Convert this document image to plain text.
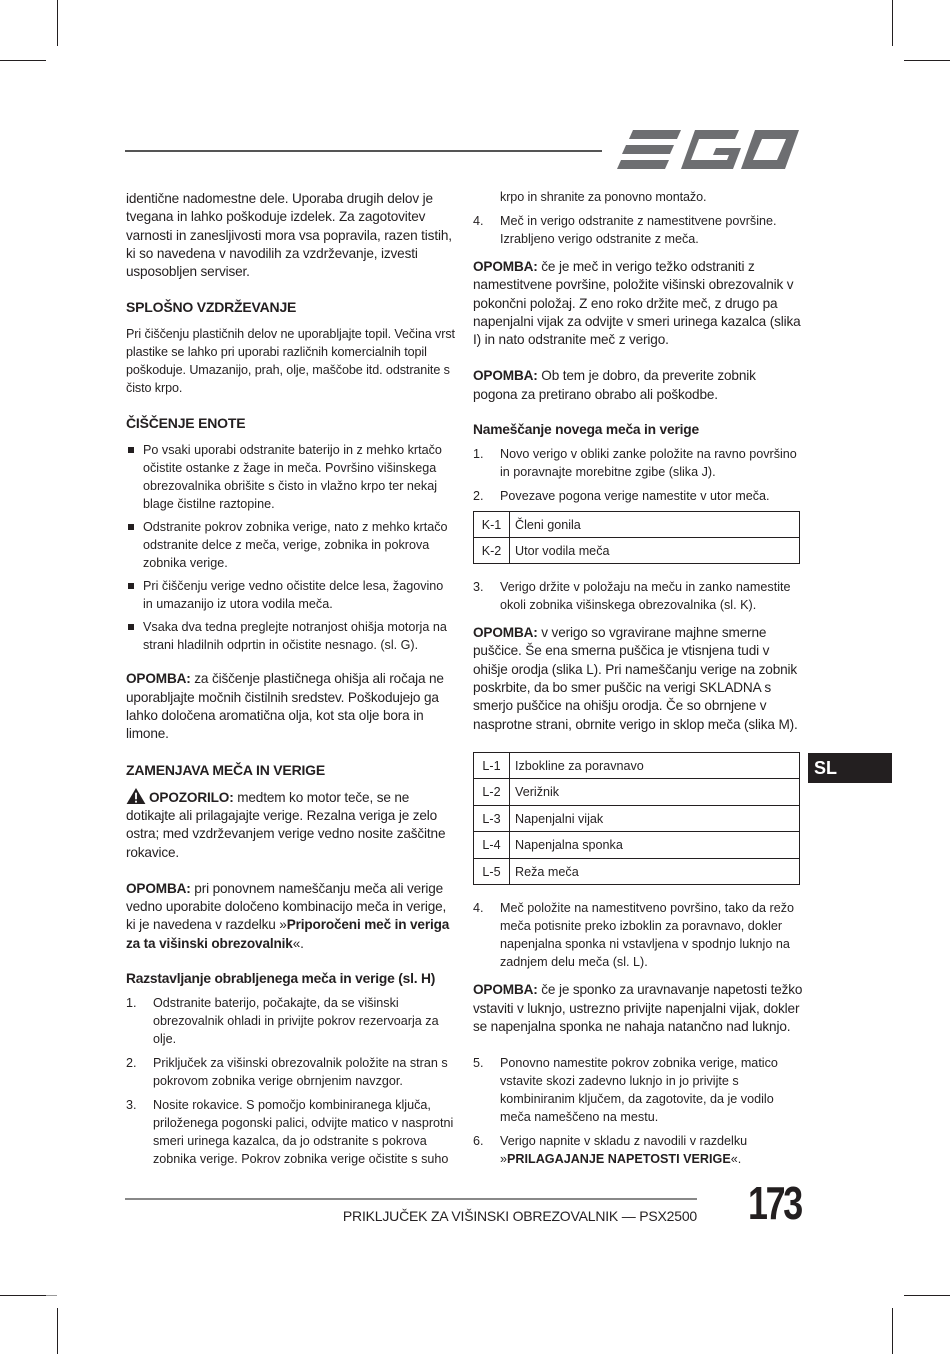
identične nadomestne dele. Uporaba drugih delov je tvegana in lahko poškoduje izdelek. Za zagotovitev varnosti in zanesljivosti mora vsa popravila, razen tistih, ki so navedena v navodilih za vzdrževanje, izvesti usposobljen serviser.

SPLOŠNO VZDRŽEVANJE

Pri čiščenju plastičnih delov ne uporabljajte topil. Večina vrst plastike se lahko pri uporabi različnih komercialnih topil poškoduje. Umazanijo, prah, olje, maščobe itd. odstranite s čisto krpo.

ČIŠČENJE ENOTE
Po vsaki uporabi odstranite baterijo in z mehko krtačo očistite ostanke z žage in meča. Površino višinskega obrezovalnika obrišite s čisto in vlažno krpo ter nekaj blage čistilne raztopine.
Odstranite pokrov zobnika verige, nato z mehko krtačo odstranite delce z meča, verige, zobnika in pokrova zobnika verige.
Pri čiščenju verige vedno očistite delce lesa, žagovino in umazanijo iz utora vodila meča.
Vsaka dva tedna preglejte notranjost ohišja motorja na strani hladilnih odprtin in očistite nesnago. (sl. G).

OPOMBA: za čiščenje plastičnega ohišja ali ročaja ne uporabljajte močnih čistilnih sredstev. Poškodujejo ga lahko določena aromatična olja, kot sta olje bora in limone.

ZAMENJAVA MEČA IN VERIGE

OPOZORILO: medtem ko motor teče, se ne dotikajte ali prilagajajte verige. Rezalna veriga je zelo ostra; med vzdrževanjem verige vedno nosite zaščitne rokavice.

OPOMBA: pri ponovnem nameščanju meča ali verige vedno uporabite določeno kombinacijo meča in verige, ki je navedena v razdelku »Priporočeni meč in veriga za ta višinski obrezovalnik«.

Razstavljanje obrabljenega meča in verige (sl. H)
1. Odstranite baterijo, počakajte, da se višinski obrezovalnik ohladi in privijte pokrov rezervoarja za olje.
2. Priključek za višinski obrezovalnik položite na stran s pokrovom zobnika verige obrnjenim navzgor.
3. Nosite rokavice. S pomočjo kombiniranega ključa, priloženega pogonski palici, odvijte matico v nasprotni smeri urinega kazalca, da jo odstranite s pokrova zobnika verige. Pokrov zobnika verige očistite s suho

krpo in shranite za ponovno montažo.

4. Meč in verigo odstranite z namestitvene površine. Izrabljeno verigo odstranite z meča.

OPOMBA: če je meč in verigo težko odstraniti z namestitvene površine, položite višinski obrezovalnik v pokončni položaj. Z eno roko držite meč, z drugo pa napenjalni vijak za odvijte v smeri urinega kazalca (slika I) in nato odstranite meč z verigo.

OPOMBA: Ob tem je dobro, da preverite zobnik pogona za pretirano obrabo ali poškodbe.

Nameščanje novega meča in verige
1. Novo verigo v obliki zanke položite na ravno površino in poravnajte morebitne zgibe (slika J).
2. Povezave pogona verige namestite v utor meča.
K-1	Členi gonila
K-2	Utor vodila meča
3. Verigo držite v položaju na meču in zanko namestite okoli zobnika višinskega obrezovalnika (sl. K).

OPOMBA: v verigo so vgravirane majhne smerne puščice. Še ena smerna puščica je vtisnjena tudi v ohišje orodja (slika L). Pri nameščanju verige na zobnik poskrbite, da bo smer puščic na verigi SKLADNA s smerjo puščice na ohišju orodja. Če so obrnjene v nasprotne strani, obrnite verigo in sklop meča (slika M).

L-1	Izbokline za poravnavo
L-2	Verižnik
L-3	Napenjalni vijak
L-4	Napenjalna sponka
L-5	Reža meča
4. Meč položite na namestitveno površino, tako da režo meča potisnite preko izboklin za poravnavo, dokler napenjalna sponka ni vstavljena v spodnjo luknjo na zadnjem delu meča (sl. L).

OPOMBA: če je sponko za uravnavanje napetosti težko vstaviti v luknjo, ustrezno privijte napenjalni vijak, dokler se napenjalna sponka ne nahaja natančno nad luknjo.

5. Ponovno namestite pokrov zobnika verige, matico vstavite skozi zadevno luknjo in jo privijte s kombiniranim ključem, da zagotovite, da je vodilo meča nameščeno na mestu.
6. Verigo napnite v skladu z navodili v razdelku »PRILAGAJANJE NAPETOSTI VERIGE«.
SL
PRIKLJUČEK ZA VIŠINSKI OBREZOVALNIK — PSX2500 173
